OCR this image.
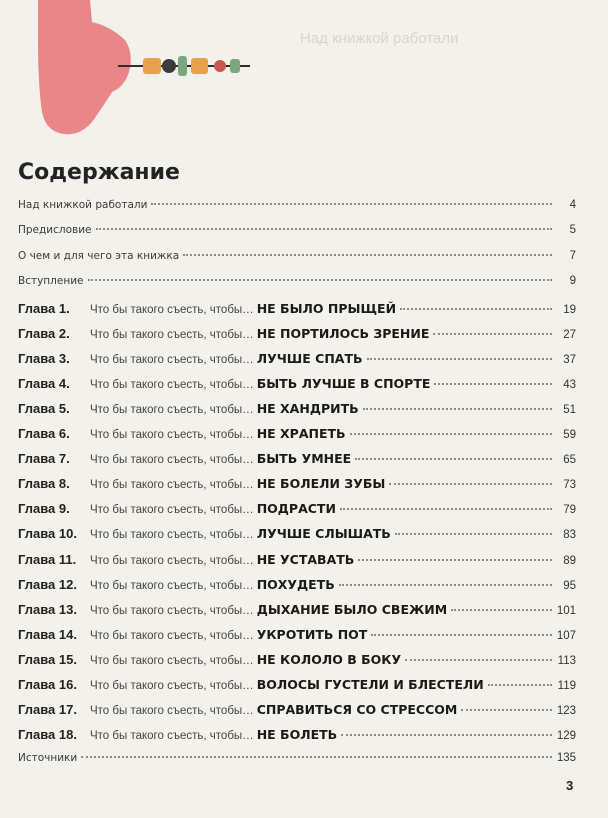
Над книжкой работали
Содержание
Над книжкой работали	4
Предисловие	5
О чем и для чего эта книжка	7
Вступление	9
Глава 1.	Что бы такого съесть, чтобы… НЕ БЫЛО ПРЫЩЕЙ	19
Глава 2.	Что бы такого съесть, чтобы… НЕ ПОРТИЛОСЬ ЗРЕНИЕ	27
Глава 3.	Что бы такого съесть, чтобы… ЛУЧШЕ СПАТЬ	37
Глава 4.	Что бы такого съесть, чтобы… БЫТЬ ЛУЧШЕ В СПОРТЕ	43
Глава 5.	Что бы такого съесть, чтобы… НЕ ХАНДРИТЬ	51
Глава 6.	Что бы такого съесть, чтобы… НЕ ХРАПЕТЬ	59
Глава 7.	Что бы такого съесть, чтобы… БЫТЬ УМНЕЕ	65
Глава 8.	Что бы такого съесть, чтобы… НЕ БОЛЕЛИ ЗУБЫ	73
Глава 9.	Что бы такого съесть, чтобы… ПОДРАСТИ	79
Глава 10.	Что бы такого съесть, чтобы… ЛУЧШЕ СЛЫШАТЬ	83
Глава 11.	Что бы такого съесть, чтобы… НЕ УСТАВАТЬ	89
Глава 12.	Что бы такого съесть, чтобы… ПОХУДЕТЬ	95
Глава 13.	Что бы такого съесть, чтобы… ДЫХАНИЕ БЫЛО СВЕЖИМ	101
Глава 14.	Что бы такого съесть, чтобы… УКРОТИТЬ ПОТ	107
Глава 15.	Что бы такого съесть, чтобы… НЕ КОЛОЛО В БОКУ	113
Глава 16.	Что бы такого съесть, чтобы… ВОЛОСЫ ГУСТЕЛИ И БЛЕСТЕЛИ	119
Глава 17.	Что бы такого съесть, чтобы… СПРАВИТЬСЯ СО СТРЕССОМ	123
Глава 18.	Что бы такого съесть, чтобы… НЕ БОЛЕТЬ	129
Источники	135
3
